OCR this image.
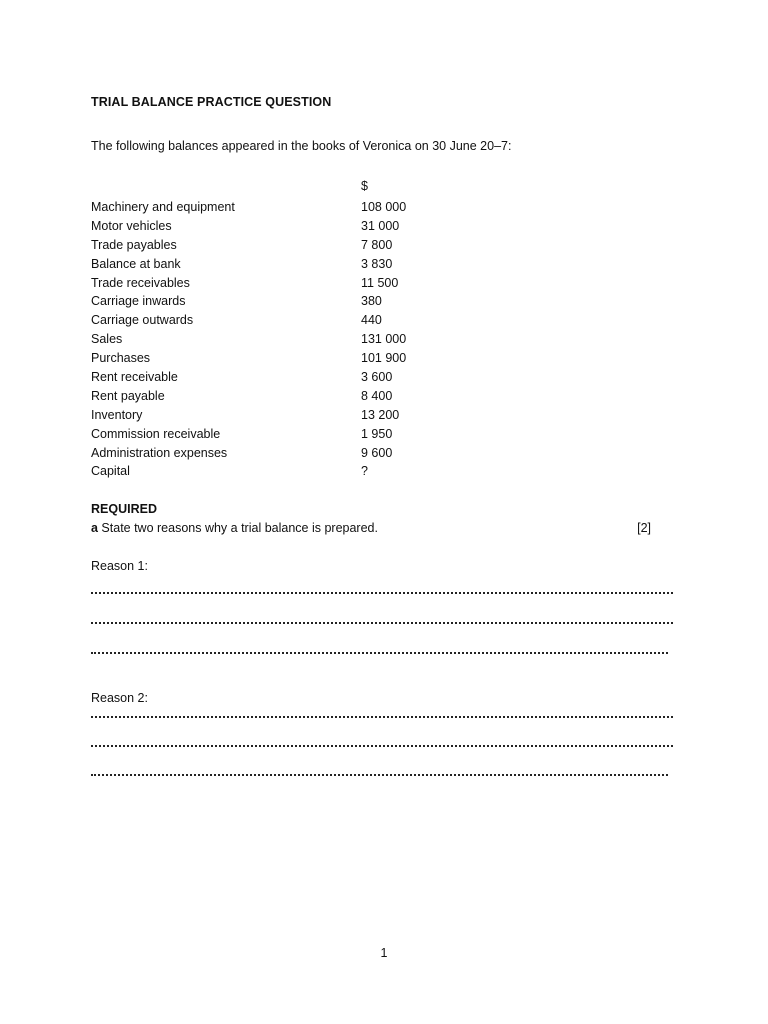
TRIAL BALANCE PRACTICE QUESTION
The following balances appeared in the books of Veronica on 30 June 20–7:
$
Machinery and equipment	108 000
Motor vehicles	31 000
Trade payables	7 800
Balance at bank	3 830
Trade receivables	11 500
Carriage inwards	380
Carriage outwards	440
Sales	131 000
Purchases	101 900
Rent receivable	3 600
Rent payable	8 400
Inventory	13 200
Commission receivable	1 950
Administration expenses	9 600
Capital	?
REQUIRED
a State two reasons why a trial balance is prepared.	[2]
Reason 1:
Reason 2:
1
